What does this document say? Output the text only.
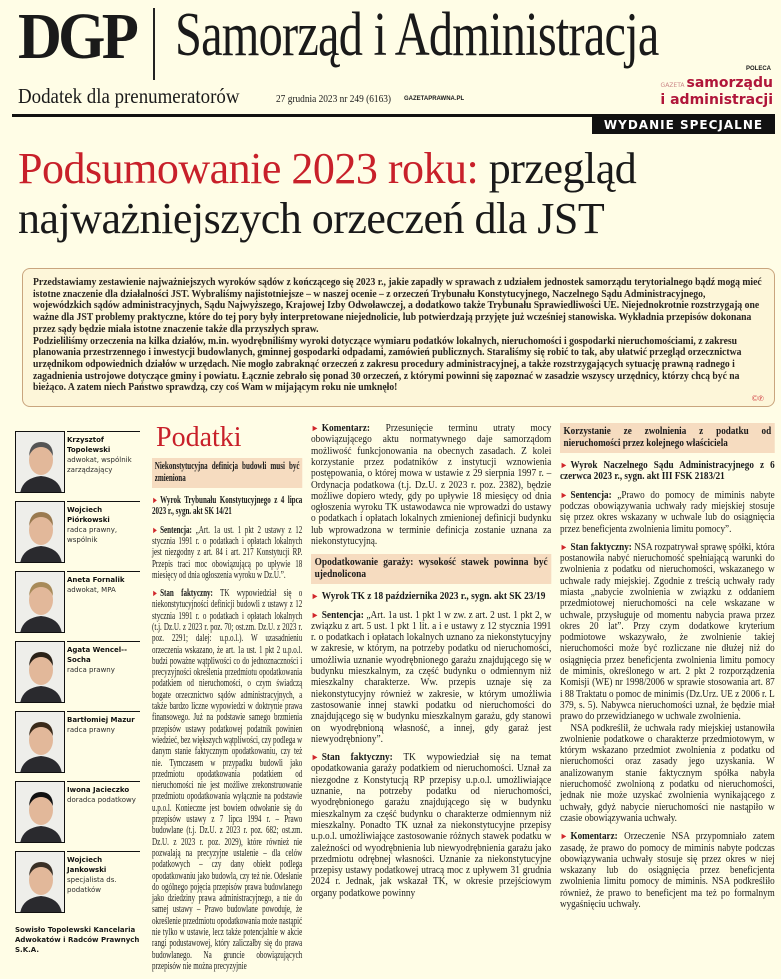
DGP Samorząd i Administracja
Dodatek dla prenumeratorów	27 grudnia 2023 nr 249 (6163) GAZETAPRAWNA.PL
POLECA
GAZETA samorządu
i administracji
WYDANIE SPECJALNE
Podsumowanie 2023 roku: przegląd najważniejszych orzeczeń dla JST

Przedstawiamy zestawienie najważniejszych wyroków sądów z kończącego się 2023 r., jakie zapadły w sprawach z udziałem jednostek samorządu terytorialnego bądź mogą mieć istotne znaczenie dla działalności JST. Wybraliśmy najistotniejsze – w naszej ocenie – z orzeczeń Trybunału Konstytucyjnego, Naczelnego Sądu Administracyjnego, wojewódzkich sądów administracyjnych, Sądu Najwyższego, Krajowej Izby Odwoławczej, a dodatkowo także Trybunału Sprawiedliwości UE. Niejednokrotnie rozstrzygają one ważne dla JST problemy praktyczne, które do tej pory były interpretowane niejednolicie, lub potwierdzają przyjęte już wcześniej stanowiska. Wykładnia przepisów dokonana przez sądy będzie miała istotne znaczenie także dla przyszłych spraw.

Podzieliliśmy orzeczenia na kilka działów, m.in. wyodrębniliśmy wyroki dotyczące wymiaru podatków lokalnych, nieruchomości i gospodarki nieruchomościami, z zakresu planowania przestrzennego i inwestycji budowlanych, gminnej gospodarki odpadami, zamówień publicznych. Staraliśmy się robić to tak, aby ułatwić przegląd orzecznictwa urzędnikom odpowiednich działów w urzędach. Nie mogło zabraknąć orzeczeń z zakresu procedury administracyjnej, a także rozstrzygających sytuację prawną radnego i zagadnienia ustrojowe dotyczące gminy i powiatu. Łącznie zebrało się ponad 30 orzeczeń, z którymi powinni się zapoznać w zasadzie wszyscy urzędnicy, którzy chcą być na bieżąco. A zatem niech Państwo sprawdzą, czy coś Wam w mijającym roku nie umknęło!

©℗
Krzysztof Topolewski
adwokat, wspólnik zarządzający
Wojciech Piórkowski
radca prawny, wspólnik
Aneta Fornalik
adwokat, MPA
Agata Wencel--Socha
radca prawny
Bartłomiej Mazur
radca prawny
Iwona Jacieczko
doradca podatkowy
Wojciech Jankowski
specjalista ds. podatków
Sowisło Topolewski Kancelaria Adwokatów i Radców Prawnych S.K.A.
Podatki
Niekonstytucyjna definicja budowli musi być zmieniona
► Wyrok Trybunału Konstytucyjnego z 4 lipca 2023 r., sygn. akt SK 14/21
► Sentencja: „Art. 1a ust. 1 pkt 2 ustawy z 12 stycznia 1991 r. o podatkach i opłatach lokalnych jest niezgodny z art. 84 i art. 217 Konstytucji RP. Przepis traci moc obowiązującą po upływie 18 miesięcy od dnia ogłoszenia wyroku w Dz.U.”.
► Stan faktyczny: TK wypowiedział się o niekonstytucyjności definicji budowli z ustawy z 12 stycznia 1991 r. o podatkach i opłatach lokalnych (t.j. Dz.U. z 2023 r. poz. 70; ost.zm. Dz.U. z 2023 r. poz. 2291; dalej: u.p.o.l.). W uzasadnieniu orzeczenia wskazano, że art. 1a ust. 1 pkt 2 u.p.o.l. budzi poważne wątpliwości co do jednoznaczności i precyzyjności określenia przedmiotu opodatkowania podatkiem od nieruchomości, o czym świadczą bogate orzecznictwo sądów administracyjnych, a także bardzo liczne wypowiedzi w doktrynie prawa finansowego. Już na podstawie samego brzmienia przepisów ustawy podatkowej podatnik powinien wiedzieć, bez większych wątpliwości, czy podlega w danym stanie faktycznym opodatkowaniu, czy też nie. Tymczasem w przypadku budowli jako przedmiotu opodatkowania podatkiem od nieruchomości nie jest możliwe zrekonstruowanie przedmiotu opodatkowania wyłącznie na podstawie u.p.o.l. Konieczne jest bowiem odwołanie się do przepisów ustawy z 7 lipca 1994 r. – Prawo budowlane (t.j. Dz.U. z 2023 r. poz. 682; ost.zm. Dz.U. z 2023 r. poz. 2029), które również nie pozwalają na precyzyjne ustalenie – dla celów podatkowych – czy dany obiekt podlega opodatkowaniu jako budowla, czy też nie. Odesłanie do ogólnego pojęcia przepisów prawa budowlanego jako dziedziny prawa administracyjnego, a nie do samej ustawy – Prawo budowlane powoduje, że określenie przedmiotu opodatkowania może nastąpić nie tylko w ustawie, lecz także potencjalnie w akcie rangi podustawowej, który zaliczałby się do prawa budowlanego. Na gruncie obowiązujących przepisów nie można precyzyjnie
► Komentarz: Przesunięcie terminu utraty mocy obowiązującego aktu normatywnego daje samorządom możliwość funkcjonowania na obecnych zasadach. Z kolei korzystanie przez podatników z instytucji wznowienia postępowania, o której mowa w ustawie z 29 sierpnia 1997 r. – Ordynacja podatkowa (t.j. Dz.U. z 2023 r. poz. 2382), będzie możliwe dopiero wtedy, gdy po upływie 18 miesięcy od dnia ogłoszenia wyroku TK ustawodawca nie wprowadzi do ustawy o podatkach i opłatach lokalnych zmienionej definicji budynku lub wprowadzona w terminie definicja zostanie uznana za niekonstytucyjną.
Opodatkowanie garaży: wysokość stawek powinna być ujednolicona
► Wyrok TK z 18 października 2023 r., sygn. akt SK 23/19
► Sentencja: „Art. 1a ust. 1 pkt 1 w zw. z art. 2 ust. 1 pkt 2, w związku z art. 5 ust. 1 pkt 1 lit. a i e ustawy z 12 stycznia 1991 r. o podatkach i opłatach lokalnych uznano za niekonstytucyjny w zakresie, w którym, na potrzeby podatku od nieruchomości, umożliwia uznanie wyodrębnionego garażu znajdującego się w budynku mieszkalnym, za część budynku o odmiennym niż mieszkalny charakterze. Ww. przepis uznaje się za niekonstytucyjny również w zakresie, w którym umożliwia zastosowanie innej stawki podatku od nieruchomości do znajdującego się w budynku mieszkalnym garażu, gdy stanowi on wyodrębnioną własność, a innej, gdy garaż jest niewyodrębniony”.
► Stan faktyczny: TK wypowiedział się na temat opodatkowania garaży podatkiem od nieruchomości. Uznał za niezgodne z Konstytucją RP przepisy u.p.o.l. umożliwiające uznanie, na potrzeby podatku od nieruchomości, wyodrębnionego garażu znajdującego się w budynku mieszkalnym za część budynku o charakterze odmiennym niż mieszkalny. Ponadto TK uznał za niekonstytucyjne przepisy u.p.o.l. umożliwiające zastosowanie różnych stawek podatku w zależności od wyodrębnienia lub niewyodrębnienia garażu jako przedmiotu odrębnej własności. Uznanie za niekonstytucyjne przepisy ustawy podatkowej utracą moc z upływem 31 grudnia 2024 r. Jednak, jak wskazał TK, w okresie przejściowym organy podatkowe powinny
Korzystanie ze zwolnienia z podatku od nieruchomości przez kolejnego właściciela
► Wyrok Naczelnego Sądu Administracyjnego z 6 czerwca 2023 r., sygn. akt III FSK 2183/21
► Sentencja: „Prawo do pomocy de miminis nabyte podczas obowiązywania uchwały rady miejskiej stosuje się przez okres wskazany w uchwale lub do osiągnięcia przez beneficjenta zwolnienia limitu pomocy”.
► Stan faktyczny: NSA rozpatrywał sprawę spółki, która postanowiła nabyć nieruchomość spełniającą warunki do zwolnienia z podatku od nieruchomości, wskazanego w uchwale rady miejskiej. Zgodnie z treścią uchwały rady miasta „nabycie zwolnienia w związku z oddaniem przedmiotowej nieruchomości na cele wskazane w uchwale, przysługuje od momentu nabycia prawa przez okres 20 lat”. Przy czym dodatkowe kryterium podmiotowe wskazywało, że zwolnienie takiej nieruchomości może być rozliczane nie dłużej niż do osiągnięcia przez beneficjenta zwolnienia limitu pomocy de miminis, określonego w art. 2 pkt 2 rozporządzenia Komisji (WE) nr 1998/2006 w sprawie stosowania art. 87 i 88 Traktatu o pomoc de minimis (Dz.Urz. UE z 2006 r. L 379, s. 5). Nabywca nieruchomości uznał, że będzie miał prawo do przewidzianego w uchwale zwolnienia.
NSA podkreślił, że uchwała rady miejskiej ustanowiła zwolnienie podatkowe o charakterze przedmiotowym, w którym wskazano przedmiot zwolnienia z podatku od nieruchomości oraz zasady jego uzyskania. W analizowanym stanie faktycznym spółka nabyła nieruchomość zwolnioną z podatku od nieruchomości, jednak nie może uzyskać zwolnienia wynikającego z uchwały, gdyż nabycie nieruchomości nie nastąpiło w czasie obowiązywania uchwały.
► Komentarz: Orzeczenie NSA przypomniało zatem zasadę, że prawo do pomocy de miminis nabyte podczas obowiązywania uchwały stosuje się przez okres w niej wskazany lub do osiągnięcia przez beneficjenta zwolnienia limitu pomocy de miminis. NSA podkreśliło również, że prawo to beneficjent ma też po formalnym wygaśnięciu uchwały.
